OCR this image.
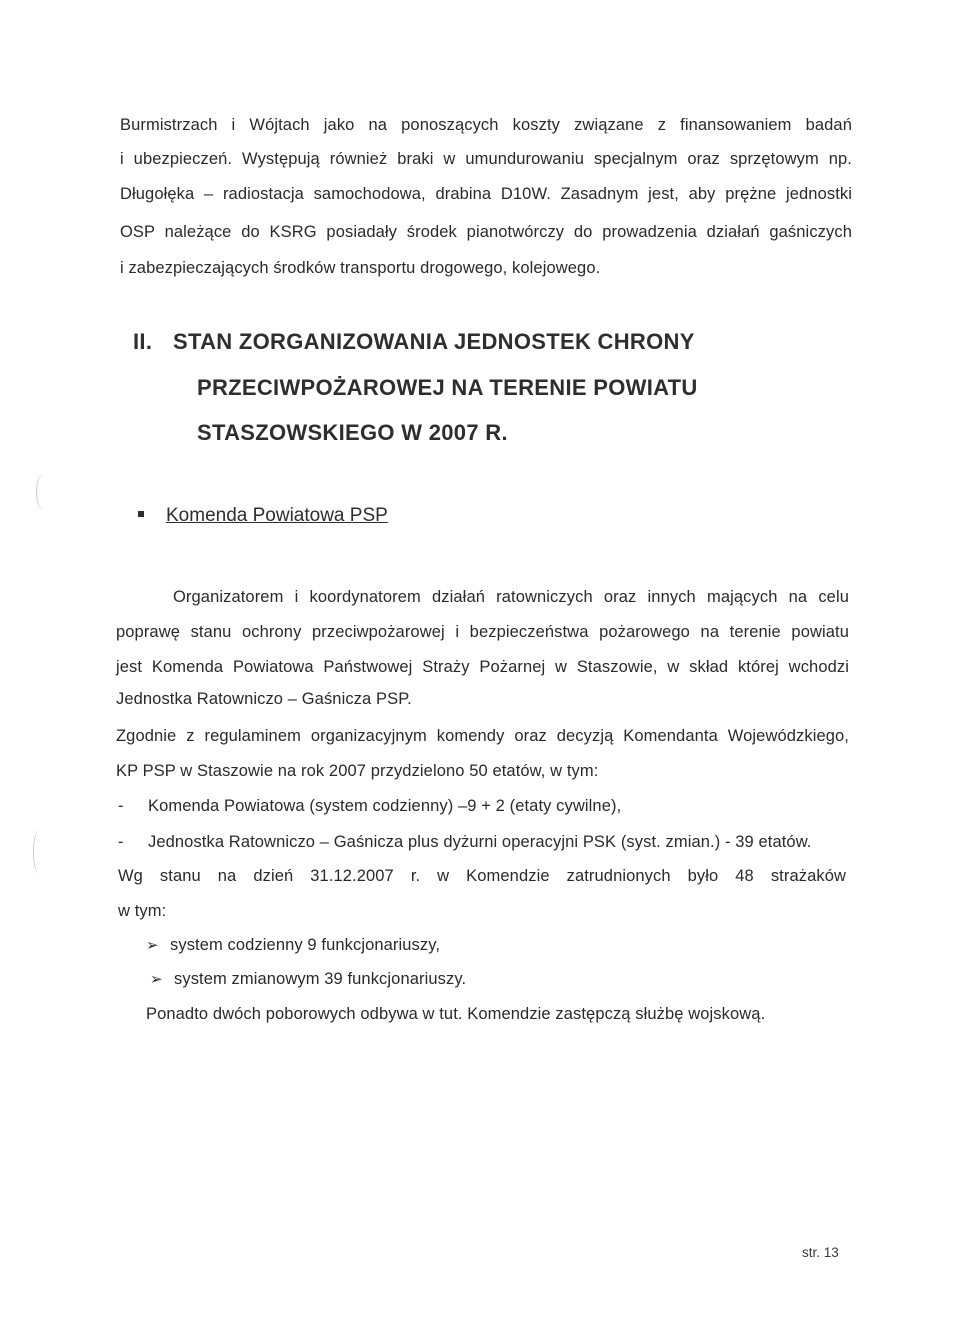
Burmistrzach i Wójtach jako na ponoszących koszty związane z finansowaniem badań
i ubezpieczeń. Występują również braki w umundurowaniu specjalnym oraz sprzętowym np.
Długołęka – radiostacja samochodowa, drabina D10W. Zasadnym jest, aby prężne jednostki
OSP należące do KSRG posiadały środek pianotwórczy do prowadzenia działań gaśniczych
i zabezpieczających środków transportu drogowego, kolejowego.
II. STAN ZORGANIZOWANIA JEDNOSTEK CHRONY
PRZECIWPOŻAROWEJ NA TERENIE POWIATU
STASZOWSKIEGO W 2007 R.
Komenda Powiatowa PSP
Organizatorem i koordynatorem działań ratowniczych oraz innych mających na celu
poprawę stanu ochrony przeciwpożarowej i bezpieczeństwa pożarowego na terenie powiatu
jest Komenda Powiatowa Państwowej Straży Pożarnej w Staszowie, w skład której wchodzi
Jednostka Ratowniczo – Gaśnicza PSP.
Zgodnie z regulaminem organizacyjnym komendy oraz decyzją Komendanta Wojewódzkiego,
KP PSP w Staszowie na rok 2007 przydzielono 50 etatów, w tym:
- Komenda Powiatowa (system codzienny) –9 + 2 (etaty cywilne),
- Jednostka Ratowniczo – Gaśnicza plus dyżurni operacyjni PSK (syst. zmian.) - 39 etatów.
Wg stanu na dzień 31.12.2007 r. w Komendzie zatrudnionych było 48 strażaków
w tym:
➢ system codzienny 9 funkcjonariuszy,
➢ system zmianowym 39 funkcjonariuszy.
Ponadto dwóch poborowych odbywa w tut. Komendzie zastępczą służbę wojskową.
str. 13
